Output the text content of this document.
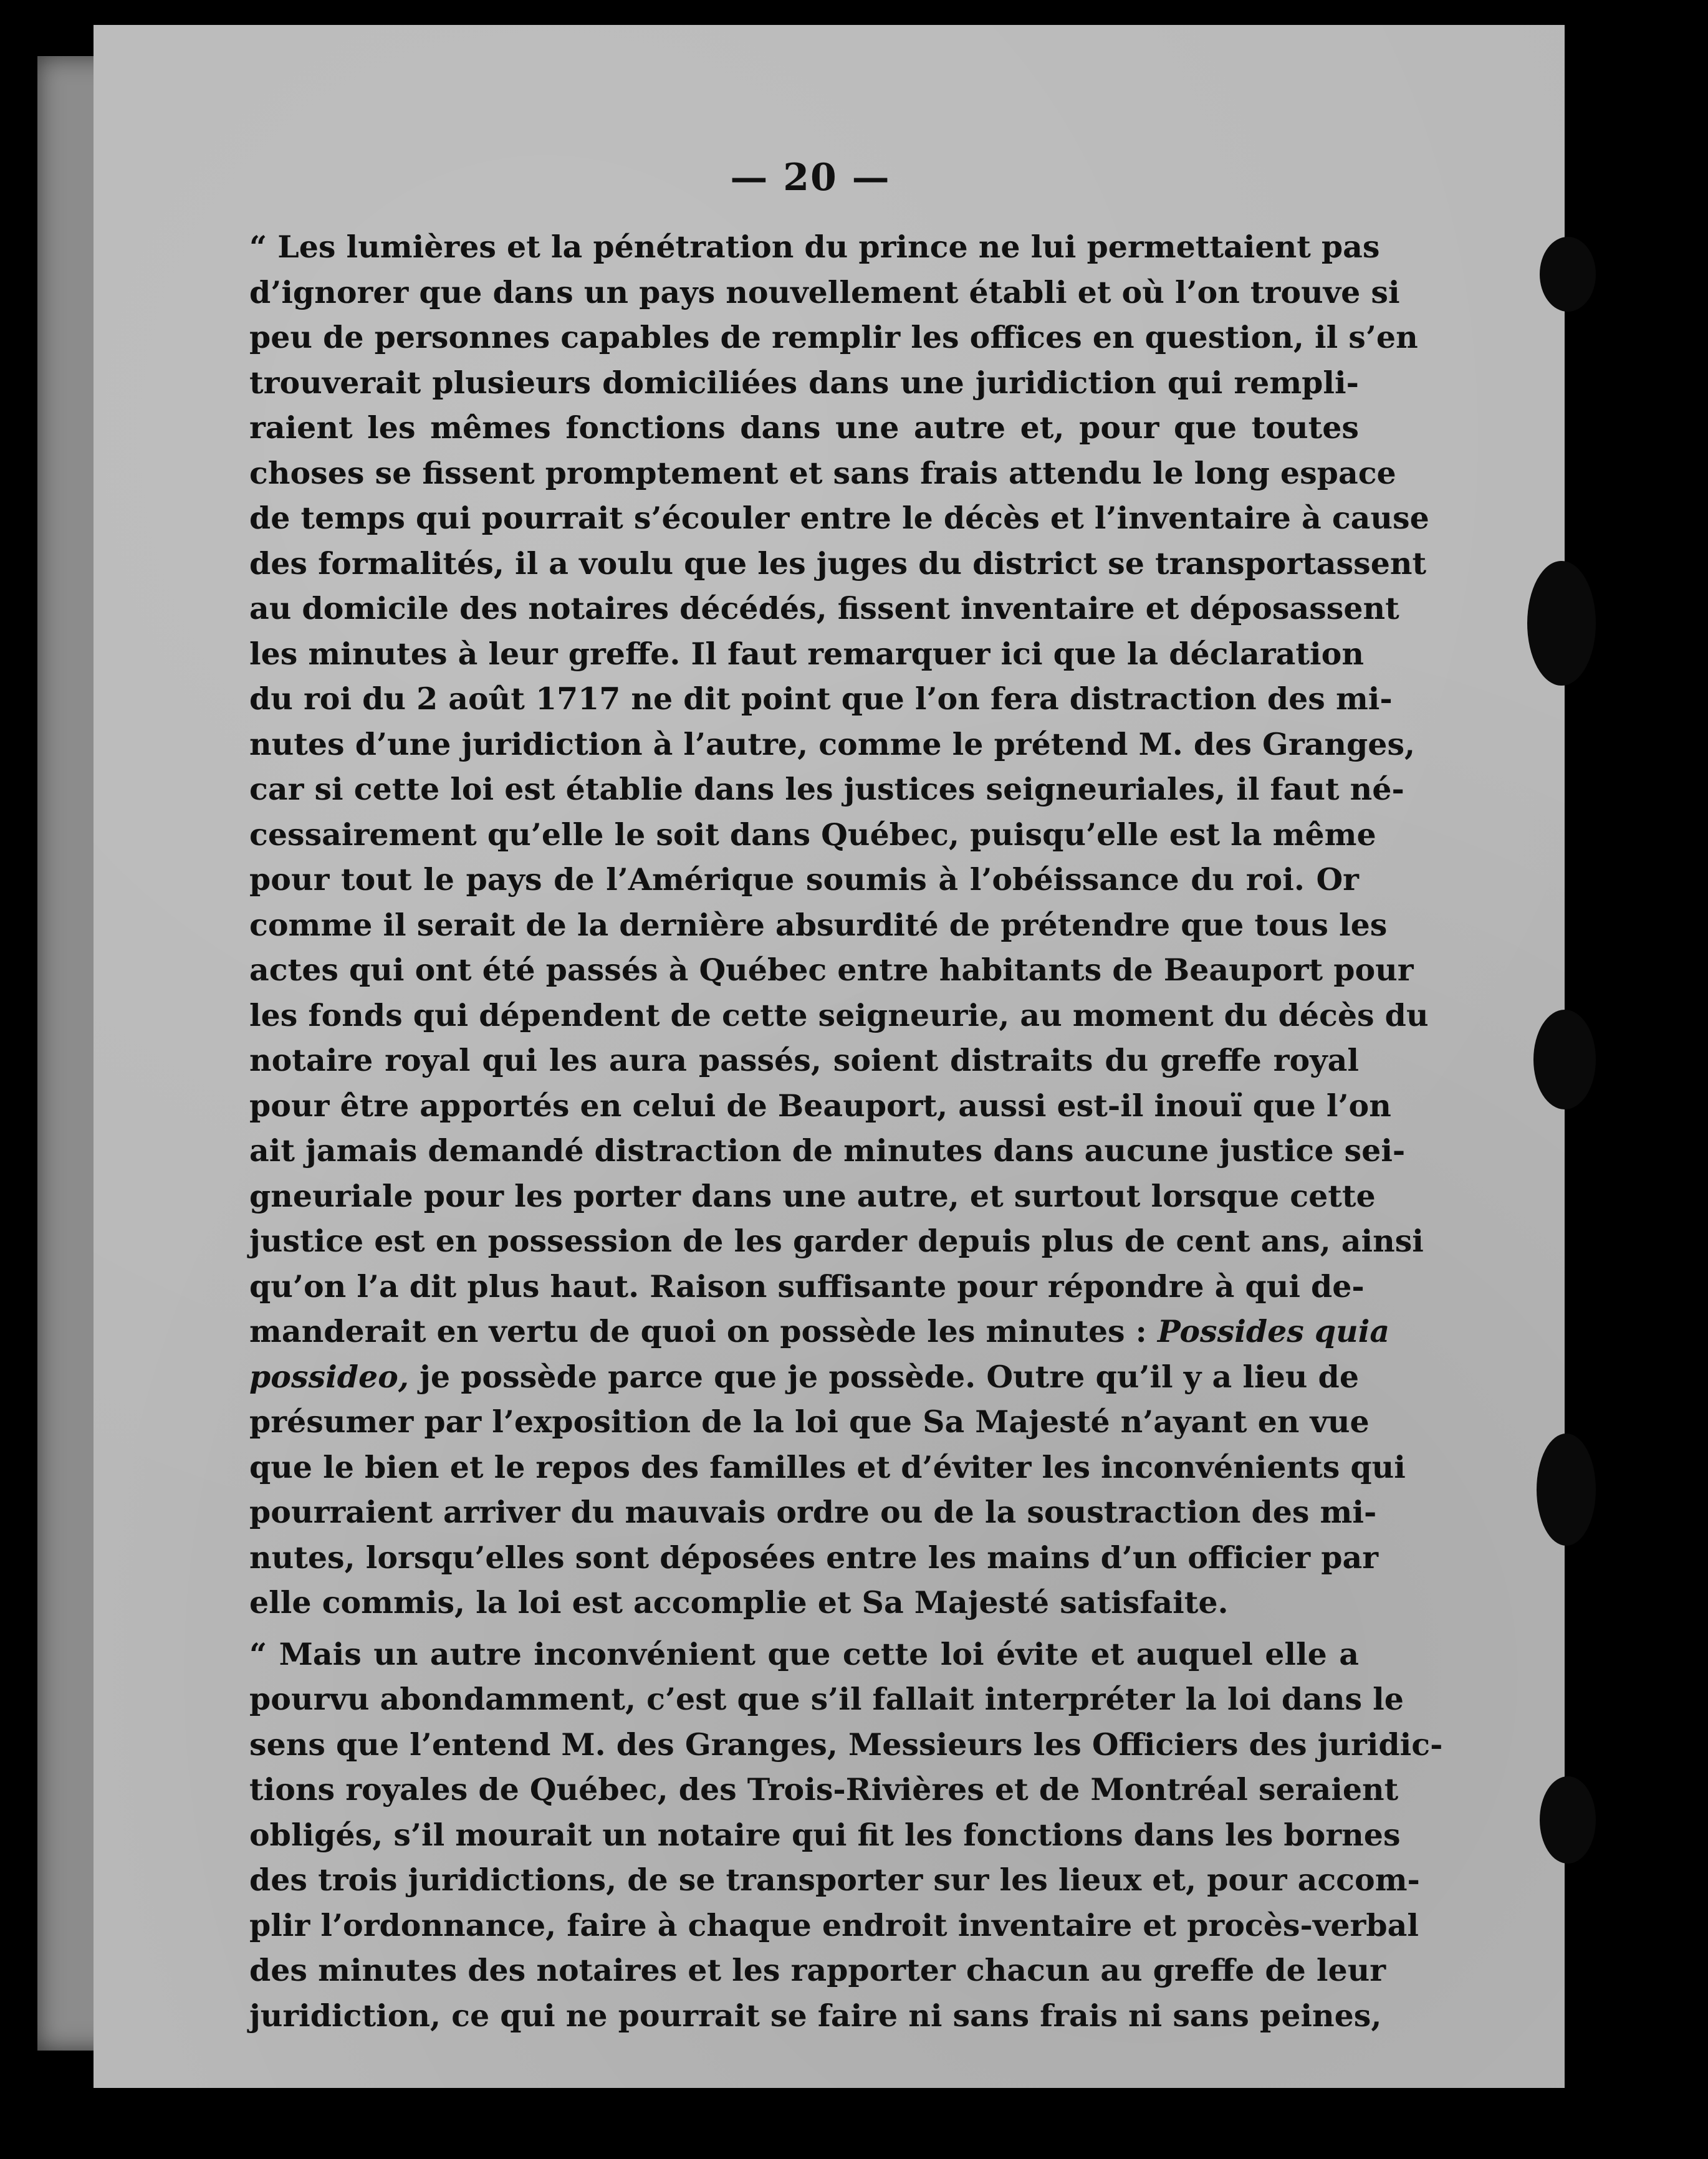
— 20 —
“ Les lumières et la pénétration du prince ne lui permettaient pas
d’ignorer que dans un pays nouvellement établi et où l’on trouve si
peu de personnes capables de remplir les offices en question, il s’en
trouverait plusieurs domiciliées dans une juridiction qui rempli-
raient les mêmes fonctions dans une autre et, pour que toutes
choses se fissent promptement et sans frais attendu le long espace
de temps qui pourrait s’écouler entre le décès et l’inventaire à cause
des formalités, il a voulu que les juges du district se transportassent
au domicile des notaires décédés, fissent inventaire et déposassent
les minutes à leur greffe. Il faut remarquer ici que la déclaration
du roi du 2 août 1717 ne dit point que l’on fera distraction des mi-
nutes d’une juridiction à l’autre, comme le prétend M. des Granges,
car si cette loi est établie dans les justices seigneuriales, il faut né-
cessairement qu’elle le soit dans Québec, puisqu’elle est la même
pour tout le pays de l’Amérique soumis à l’obéissance du roi. Or
comme il serait de la dernière absurdité de prétendre que tous les
actes qui ont été passés à Québec entre habitants de Beauport pour
les fonds qui dépendent de cette seigneurie, au moment du décès du
notaire royal qui les aura passés, soient distraits du greffe royal
pour être apportés en celui de Beauport, aussi est-il inouï que l’on
ait jamais demandé distraction de minutes dans aucune justice sei-
gneuriale pour les porter dans une autre, et surtout lorsque cette
justice est en possession de les garder depuis plus de cent ans, ainsi
qu’on l’a dit plus haut. Raison suffisante pour répondre à qui de-
manderait en vertu de quoi on possède les minutes : Possides quia
possideo, je possède parce que je possède. Outre qu’il y a lieu de
présumer par l’exposition de la loi que Sa Majesté n’ayant en vue
que le bien et le repos des familles et d’éviter les inconvénients qui
pourraient arriver du mauvais ordre ou de la soustraction des mi-
nutes, lorsqu’elles sont déposées entre les mains d’un officier par
elle commis, la loi est accomplie et Sa Majesté satisfaite.
“ Mais un autre inconvénient que cette loi évite et auquel elle a
pourvu abondamment, c’est que s’il fallait interpréter la loi dans le
sens que l’entend M. des Granges, Messieurs les Officiers des juridic-
tions royales de Québec, des Trois-Rivières et de Montréal seraient
obligés, s’il mourait un notaire qui fit les fonctions dans les bornes
des trois juridictions, de se transporter sur les lieux et, pour accom-
plir l’ordonnance, faire à chaque endroit inventaire et procès-verbal
des minutes des notaires et les rapporter chacun au greffe de leur
juridiction, ce qui ne pourrait se faire ni sans frais ni sans peines,
